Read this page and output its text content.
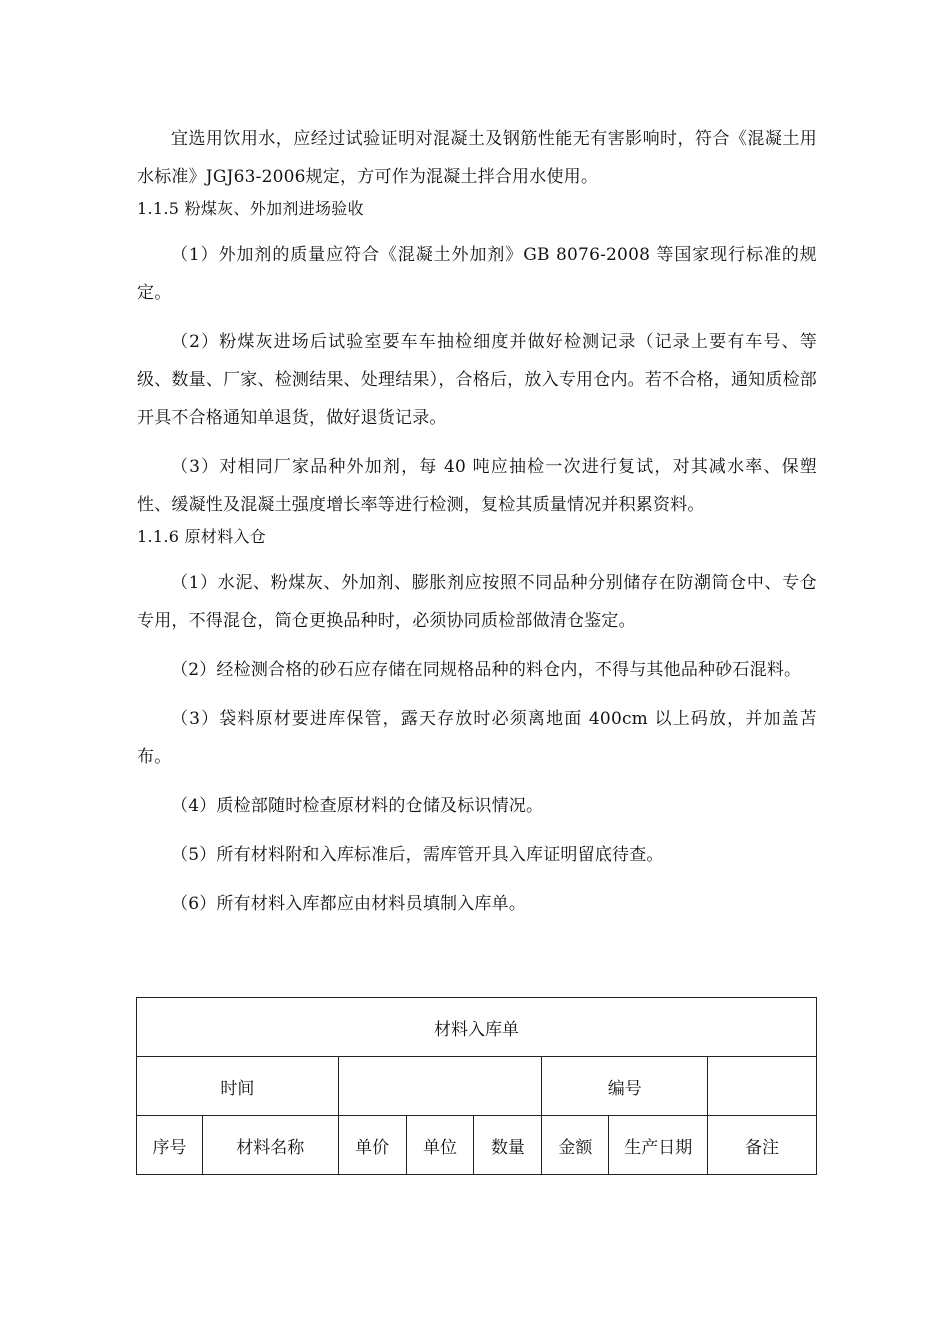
宜选用饮用水，应经过试验证明对混凝土及钢筋性能无有害影响时，符合《混凝土用水标准》JGJ63-2006规定，方可作为混凝土拌合用水使用。

1.1.5 粉煤灰、外加剂进场验收

（1）外加剂的质量应符合《混凝土外加剂》GB 8076-2008 等国家现行标准的规定。

（2）粉煤灰进场后试验室要车车抽检细度并做好检测记录（记录上要有车号、等级、数量、厂家、检测结果、处理结果），合格后，放入专用仓内。若不合格，通知质检部开具不合格通知单退货，做好退货记录。

（3）对相同厂家品种外加剂，每 40 吨应抽检一次进行复试，对其减水率、保塑性、缓凝性及混凝土强度增长率等进行检测，复检其质量情况并积累资料。

1.1.6 原材料入仓

（1）水泥、粉煤灰、外加剂、膨胀剂应按照不同品种分别储存在防潮筒仓中、专仓专用，不得混仓，筒仓更换品种时，必须协同质检部做清仓鉴定。

（2）经检测合格的砂石应存储在同规格品种的料仓内，不得与其他品种砂石混料。

（3）袋料原材要进库保管，露天存放时必须离地面 400cm 以上码放，并加盖苫布。

（4）质检部随时检查原材料的仓储及标识情况。

（5）所有材料附和入库标准后，需库管开具入库证明留底待查。

（6）所有材料入库都应由材料员填制入库单。

材料入库单							
时间					编号		
序号	材料名称	单价	单位	数量	金额	生产日期	备注
